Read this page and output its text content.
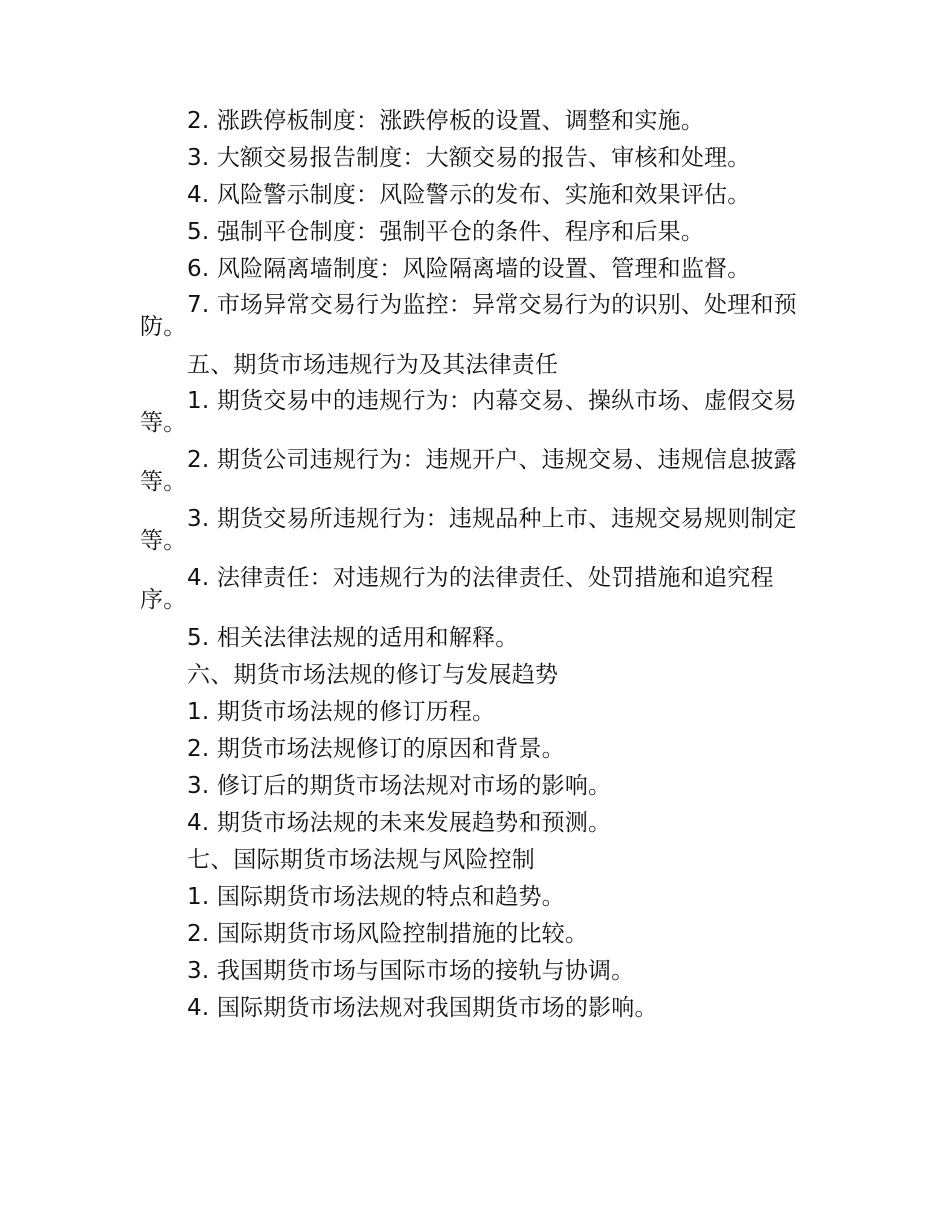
2. 涨跌停板制度：涨跌停板的设置、调整和实施。

3. 大额交易报告制度：大额交易的报告、审核和处理。

4. 风险警示制度：风险警示的发布、实施和效果评估。

5. 强制平仓制度：强制平仓的条件、程序和后果。

6. 风险隔离墙制度：风险隔离墙的设置、管理和监督。

7. 市场异常交易行为监控：异常交易行为的识别、处理和预防。

五、期货市场违规行为及其法律责任

1. 期货交易中的违规行为：内幕交易、操纵市场、虚假交易等。

2. 期货公司违规行为：违规开户、违规交易、违规信息披露等。

3. 期货交易所违规行为：违规品种上市、违规交易规则制定等。

4. 法律责任：对违规行为的法律责任、处罚措施和追究程序。

5. 相关法律法规的适用和解释。

六、期货市场法规的修订与发展趋势

1. 期货市场法规的修订历程。

2. 期货市场法规修订的原因和背景。

3. 修订后的期货市场法规对市场的影响。

4. 期货市场法规的未来发展趋势和预测。

七、国际期货市场法规与风险控制

1. 国际期货市场法规的特点和趋势。

2. 国际期货市场风险控制措施的比较。

3. 我国期货市场与国际市场的接轨与协调。

4. 国际期货市场法规对我国期货市场的影响。
